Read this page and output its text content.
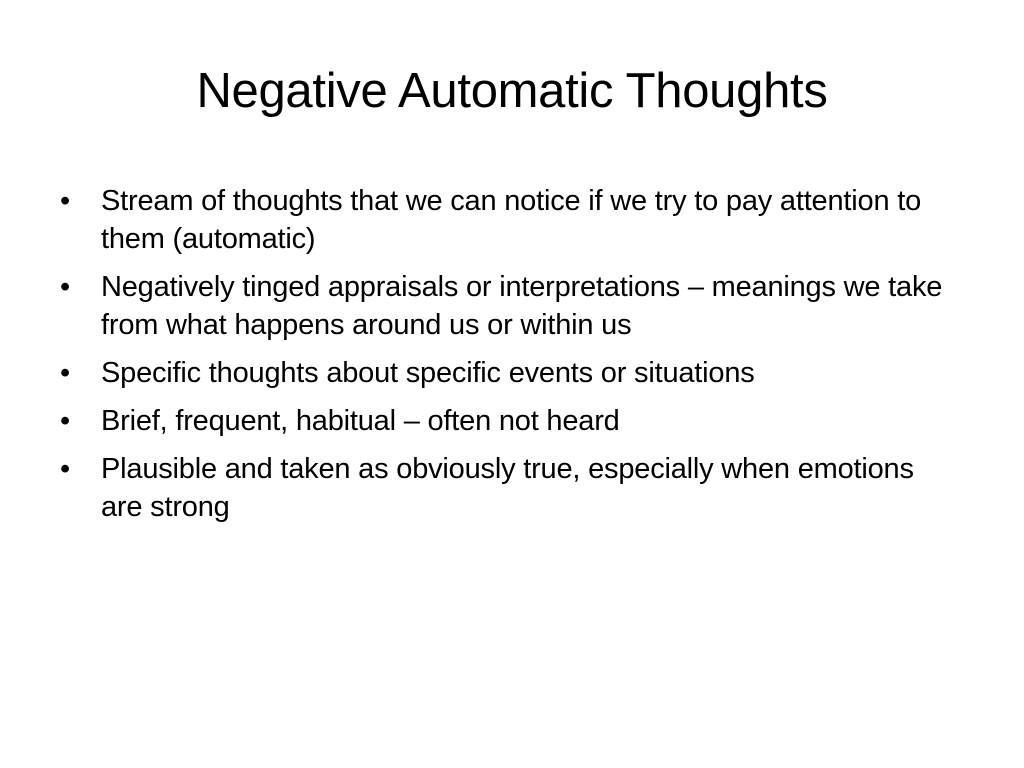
Negative Automatic Thoughts
•	Stream of thoughts that we can notice if we try to pay attention to them (automatic)
•	Negatively tinged appraisals or interpretations – meanings we take from what happens around us or within us
•	Specific thoughts about specific events or situations
•	Brief, frequent, habitual – often not heard
•	Plausible and taken as obviously true, especially when emotions are strong
